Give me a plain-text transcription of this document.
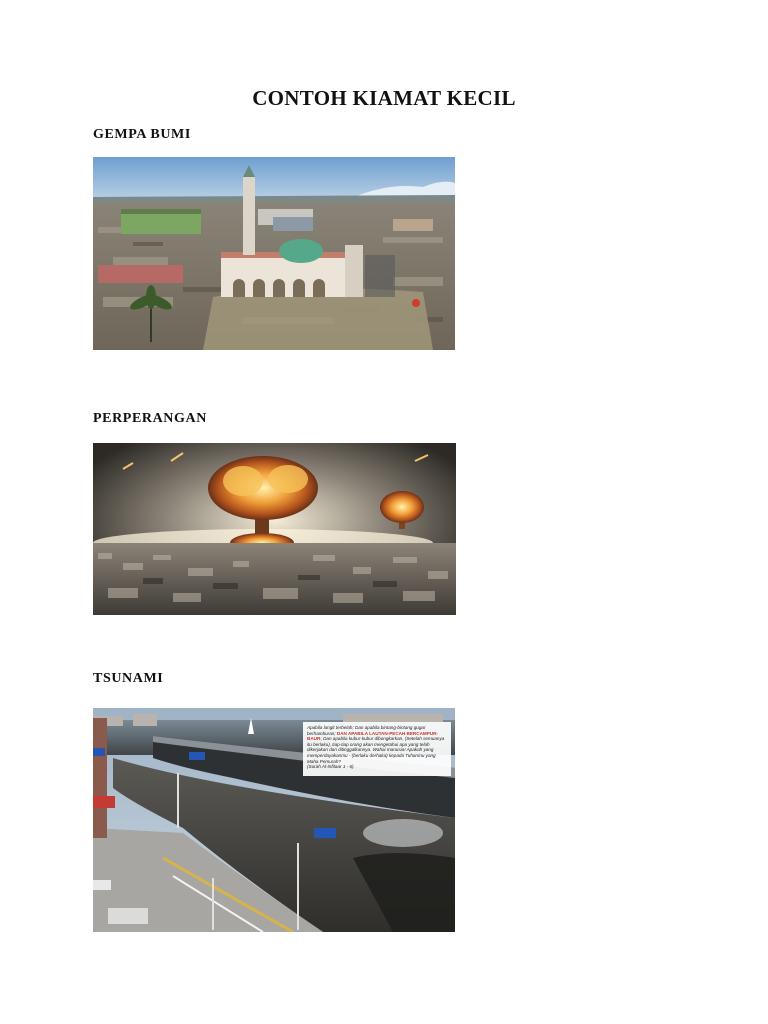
CONTOH KIAMAT KECIL
GEMPA BUMI
PERPERANGAN
TSUNAMI
Apabila langit terbelah; Dan apabila bintang-bintang gugar berhamburan; DAN APABILA LAUTAN-PECAH BERCAMPUR-BAUR; Dan apabila kubur-kubur dibongkarkan, (Setelah semuanya itu berlaku), tiap-tiap orang akan mengetahui apa yang telah dikerjakan dan ditinggalkannya. Wahai manusia! Apakah yang memperdayakanmu - (berlaku derhaka) kepada Tuhanmu yang Maha Pemurah?
(Surah Al-Infitaar 1 - 6)
